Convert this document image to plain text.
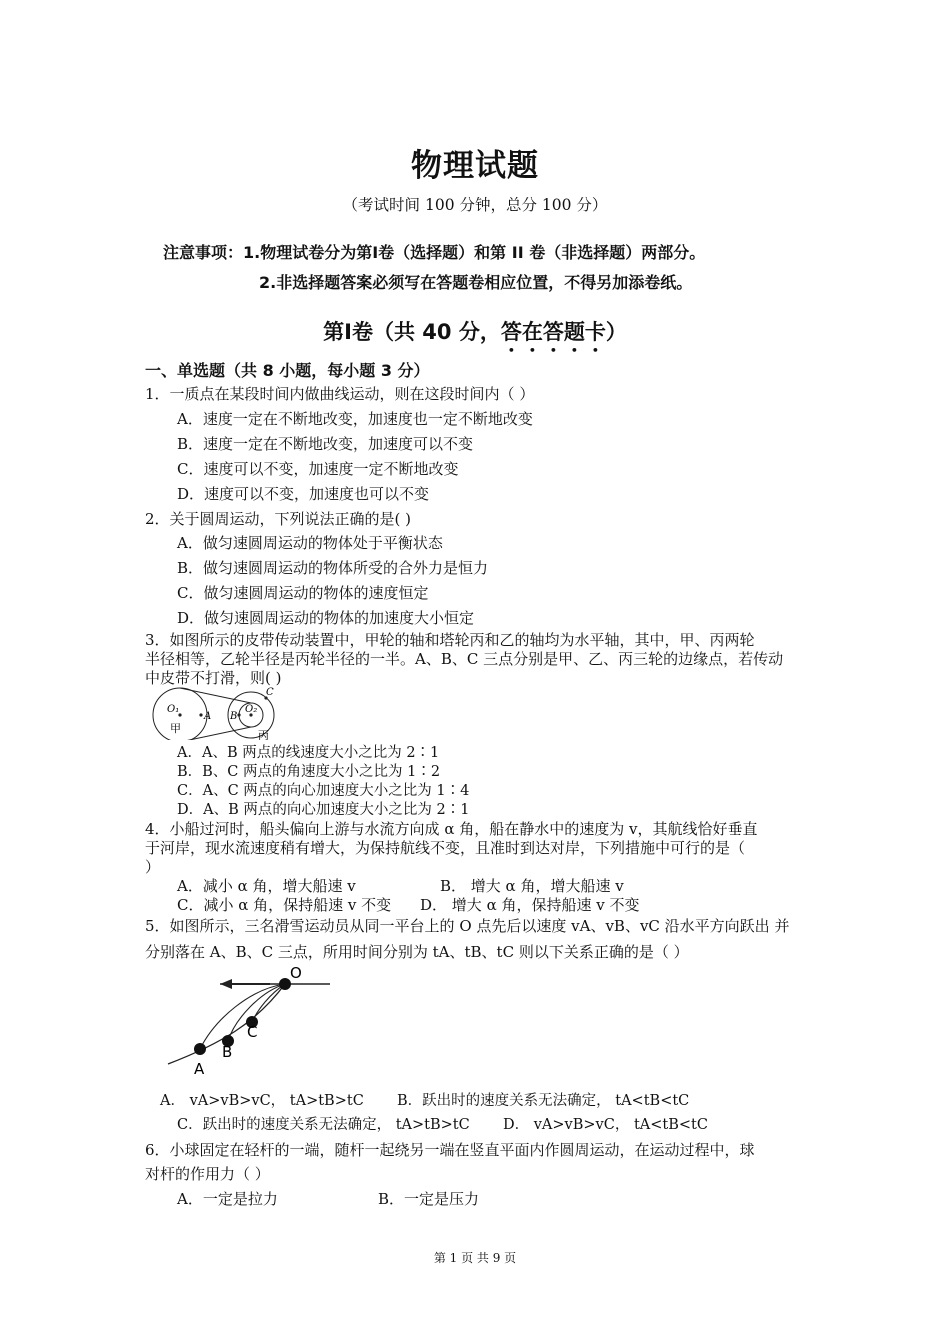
物理试题
（考试时间 100 分钟，总分 100 分）
注意事项：1.物理试卷分为第Ⅰ卷（选择题）和第 II 卷（非选择题）两部分。
2.非选择题答案必须写在答题卷相应位置，不得另加添卷纸。
第Ⅰ卷（共 40 分，答在答题卡）
一、单选题（共 8 小题，每小题 3 分）
1．一质点在某段时间内做曲线运动，则在这段时间内（ ）
A．速度一定在不断地改变，加速度也一定不断地改变
B．速度一定在不断地改变，加速度可以不变
C．速度可以不变，加速度一定不断地改变
D．速度可以不变，加速度也可以不变
2．关于圆周运动，下列说法正确的是( )
A．做匀速圆周运动的物体处于平衡状态
B．做匀速圆周运动的物体所受的合外力是恒力
C．做匀速圆周运动的物体的速度恒定
D．做匀速圆周运动的物体的加速度大小恒定
3．如图所示的皮带传动装置中，甲轮的轴和塔轮丙和乙的轴均为水平轴，其中，甲、丙两轮
半径相等，乙轮半径是丙轮半径的一半。A、B、C 三点分别是甲、乙、丙三轮的边缘点，若传动
中皮带不打滑，则( )
O₁
A B
O₂
C
甲
丙
A．A、B 两点的线速度大小之比为 2∶1
B．B、C 两点的角速度大小之比为 1∶2
C．A、C 两点的向心加速度大小之比为 1∶4
D．A、B 两点的向心加速度大小之比为 2∶1
4．小船过河时，船头偏向上游与水流方向成 α 角，船在静水中的速度为 v，其航线恰好垂直
于河岸，现水流速度稍有增大，为保持航线不变，且准时到达对岸，下列措施中可行的是（
）
A．减小 α 角，增大船速 v	B． 增大 α 角，增大船速 v
C．减小 α 角，保持船速 v 不变 D． 增大 α 角，保持船速 v 不变
5．如图所示，三名滑雪运动员从同一平台上的 O 点先后以速度 vA、vB、vC 沿水平方向跃出 并
分别落在 A、B、C 三点，所用时间分别为 tA、tB、tC 则以下关系正确的是（ ）
O
A
B
C
A． vA>vB>vC， tA>tB>tC B．跃出时的速度关系无法确定， tA<tB<tC
C．跃出时的速度关系无法确定， tA>tB>tC D． vA>vB>vC， tA<tB<tC
6．小球固定在轻杆的一端，随杆一起绕另一端在竖直平面内作圆周运动，在运动过程中，球
对杆的作用力（ ）
A．一定是拉力	B．一定是压力
第 1 页 共 9 页
